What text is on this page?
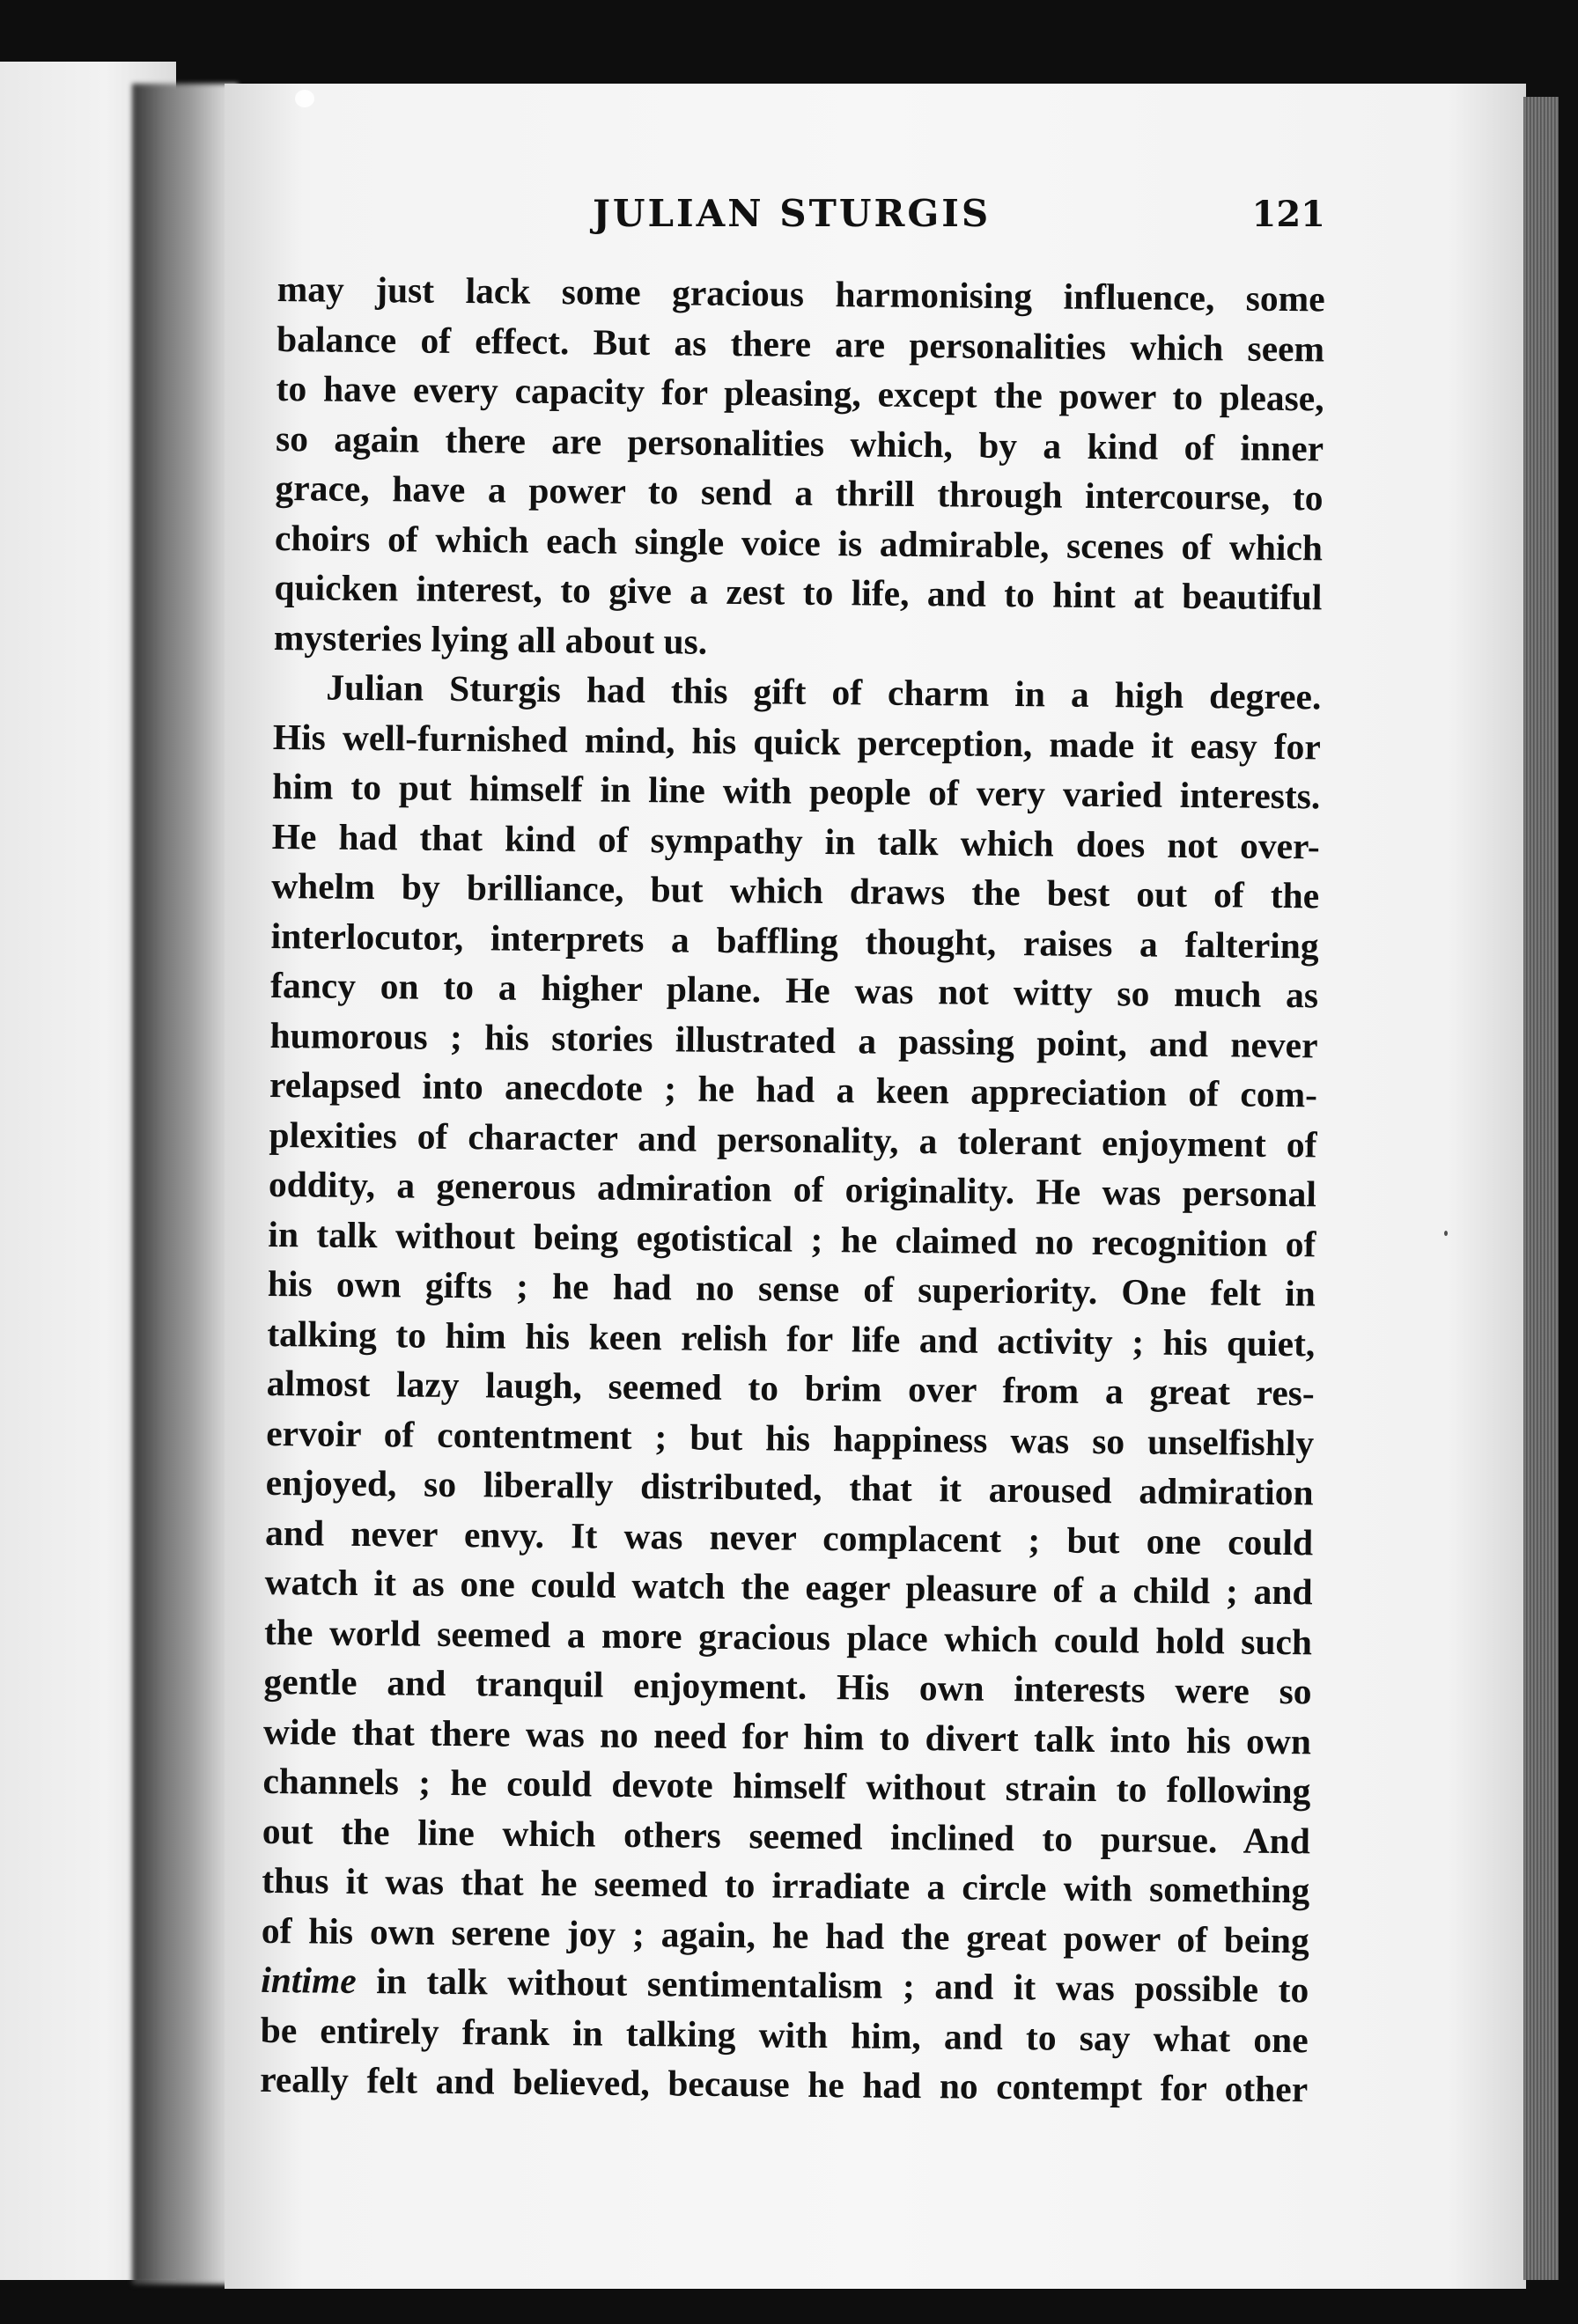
JULIAN STURGIS	121
may just lack some gracious harmonising influence, some
balance of effect. But as there are personalities which seem
to have every capacity for pleasing, except the power to please,
so again there are personalities which, by a kind of inner
grace, have a power to send a thrill through intercourse, to
choirs of which each single voice is admirable, scenes of which
quicken interest, to give a zest to life, and to hint at beautiful
mysteries lying all about us.
Julian Sturgis had this gift of charm in a high degree.
His well-furnished mind, his quick perception, made it easy for
him to put himself in line with people of very varied interests.
He had that kind of sympathy in talk which does not over-
whelm by brilliance, but which draws the best out of the
interlocutor, interprets a baffling thought, raises a faltering
fancy on to a higher plane. He was not witty so much as
humorous ; his stories illustrated a passing point, and never
relapsed into anecdote ; he had a keen appreciation of com-
plexities of character and personality, a tolerant enjoyment of
oddity, a generous admiration of originality. He was personal
in talk without being egotistical ; he claimed no recognition of
his own gifts ; he had no sense of superiority. One felt in
talking to him his keen relish for life and activity ; his quiet,
almost lazy laugh, seemed to brim over from a great res-
ervoir of contentment ; but his happiness was so unselfishly
enjoyed, so liberally distributed, that it aroused admiration
and never envy. It was never complacent ; but one could
watch it as one could watch the eager pleasure of a child ; and
the world seemed a more gracious place which could hold such
gentle and tranquil enjoyment. His own interests were so
wide that there was no need for him to divert talk into his own
channels ; he could devote himself without strain to following
out the line which others seemed inclined to pursue. And
thus it was that he seemed to irradiate a circle with something
of his own serene joy ; again, he had the great power of being
intime in talk without sentimentalism ; and it was possible to
be entirely frank in talking with him, and to say what one
really felt and believed, because he had no contempt for other
